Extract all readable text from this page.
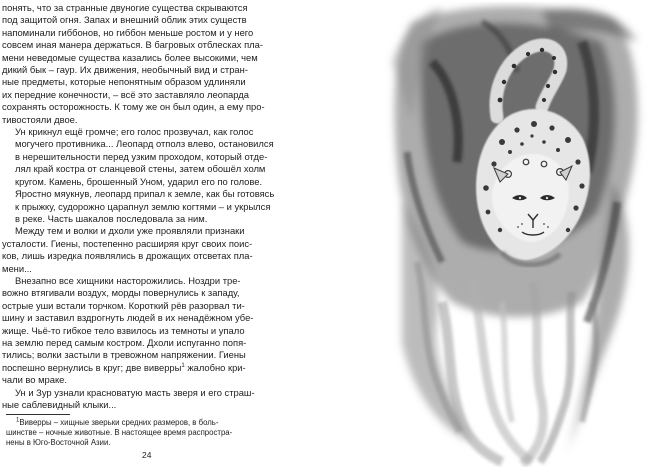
понять, что за странные двуногие существа скрываются
под защитой огня. Запах и внешний облик этих существ
напоминали гиббонов, но гиббон меньше ростом и у него
совсем иная манера держаться. В багровых отблесках пла-
мени неведомые существа казались более высокими, чем
дикий бык – гаур. Их движения, необычный вид и стран-
ные предметы, которые непонятным образом удлиняли
их передние конечности, – всё это заставляло леопарда
сохранять осторожность. К тому же он был один, а ему про-
тивостояли двое.

Ун крикнул ещё громче; его голос прозвучал, как голос
могучего противника... Леопард отполз влево, остановился
в нерешительности перед узким проходом, который отде-
лял край костра от сланцевой стены, затем обошёл холм
кругом. Камень, брошенный Уном, ударил его по голове.
Яростно мяукнув, леопард припал к земле, как бы готовясь
к прыжку, судорожно царапнул землю когтями – и укрылся
в реке. Часть шакалов последовала за ним.

Между тем и волки и дхоли уже проявляли признаки
усталости. Гиены, постепенно расширяя круг своих поис-
ков, лишь изредка появлялись в дрожащих отсветах пла-
мени...

Внезапно все хищники насторожились. Ноздри тре-
вожно втягивали воздух, морды повернулись к западу,
острые уши встали торчком. Короткий рёв разорвал ти-
шину и заставил вздрогнуть людей в их ненадёжном убе-
жище. Чьё-то гибкое тело взвилось из темноты и упало
на землю перед самым костром. Дхоли испуганно попя-
тились; волки застыли в тревожном напряжении. Гиены
поспешно вернулись в круг; две виверры$^1$ жалобно кри-
чали во мраке.

Ун и Зур узнали красноватую масть зверя и его страш-
ные саблевидный клыки...

$^1$Виверры – хищные зверьки средних размеров, в боль-
шинстве – ночные животные. В настоящее время распростра-
нены в Юго-Восточной Азии.

24
